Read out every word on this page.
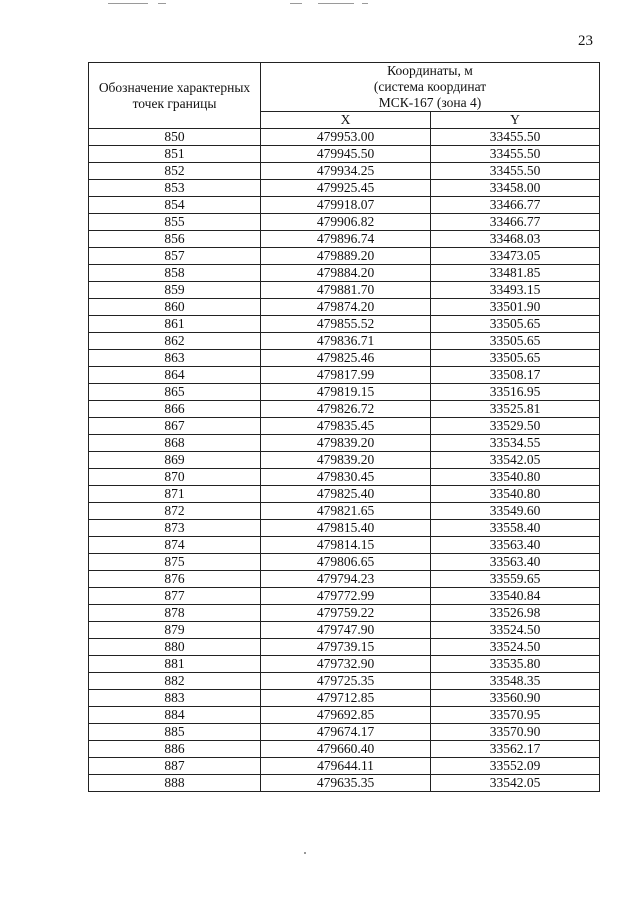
23
Обозначение характерных точек границы	Координаты, м
(система координат
МСК-167 (зона 4)	

	X	Y
850	479953.00	33455.50
851	479945.50	33455.50
852	479934.25	33455.50
853	479925.45	33458.00
854	479918.07	33466.77
855	479906.82	33466.77
856	479896.74	33468.03
857	479889.20	33473.05
858	479884.20	33481.85
859	479881.70	33493.15
860	479874.20	33501.90
861	479855.52	33505.65
862	479836.71	33505.65
863	479825.46	33505.65
864	479817.99	33508.17
865	479819.15	33516.95
866	479826.72	33525.81
867	479835.45	33529.50
868	479839.20	33534.55
869	479839.20	33542.05
870	479830.45	33540.80
871	479825.40	33540.80
872	479821.65	33549.60
873	479815.40	33558.40
874	479814.15	33563.40
875	479806.65	33563.40
876	479794.23	33559.65
877	479772.99	33540.84
878	479759.22	33526.98
879	479747.90	33524.50
880	479739.15	33524.50
881	479732.90	33535.80
882	479725.35	33548.35
883	479712.85	33560.90
884	479692.85	33570.95
885	479674.17	33570.90
886	479660.40	33562.17
887	479644.11	33552.09
888	479635.35	33542.05
